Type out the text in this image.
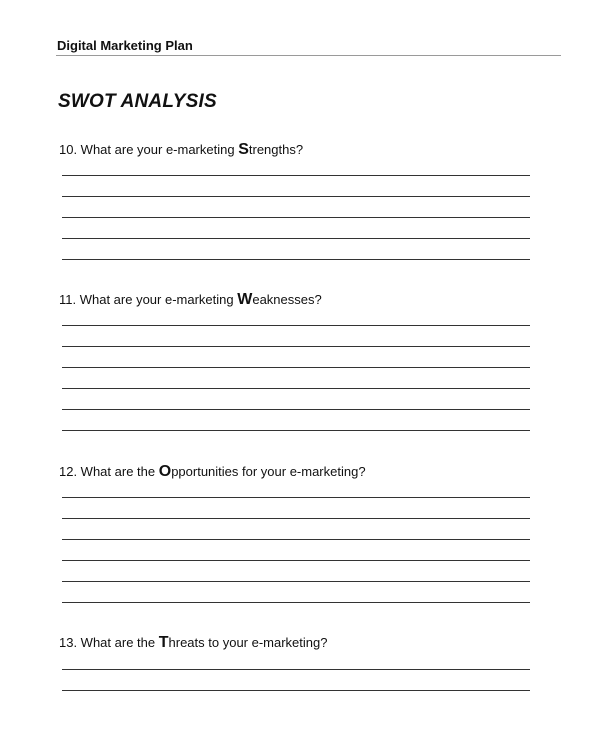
Digital Marketing Plan
SWOT ANALYSIS
10. What are your e-marketing Strengths?
11. What are your e-marketing Weaknesses?
12. What are the Opportunities for your e-marketing?
13. What are the Threats to your e-marketing?
